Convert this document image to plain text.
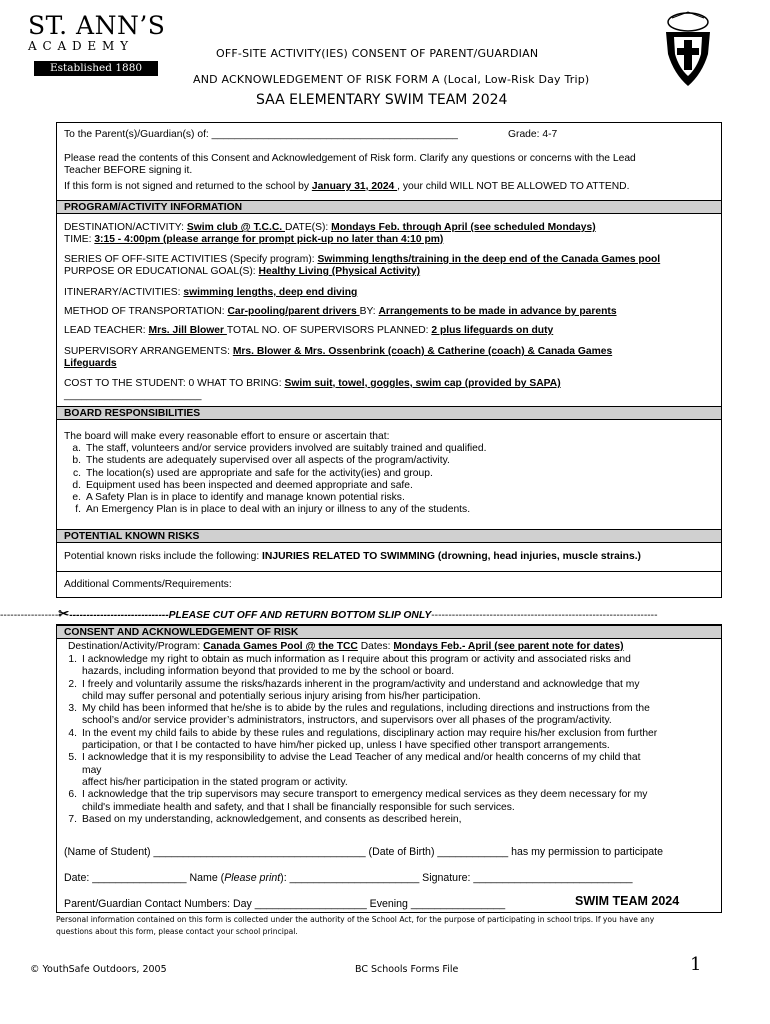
ST. ANN’S
A C A D E M Y
Established 1880
OFF-SITE ACTIVITY(IES) CONSENT OF PARENT/GUARDIAN
AND ACKNOWLEDGEMENT OF RISK FORM A (Local, Low-Risk Day Trip)
SAA ELEMENTARY SWIM TEAM 2024
To the Parent(s)/Guardian(s) of: ___________________________________________	Grade: 4-7
Please read the contents of this Consent and Acknowledgement of Risk form. Clarify any questions or concerns with the Lead
Teacher BEFORE signing it.
If this form is not signed and returned to the school by January 31, 2024 , your child WILL NOT BE ALLOWED TO ATTEND.
PROGRAM/ACTIVITY INFORMATION
DESTINATION/ACTIVITY: Swim club @ T.C.C. DATE(S): Mondays Feb. through April (see scheduled Mondays)
TIME: 3:15 - 4:00pm (please arrange for prompt pick-up no later than 4:10 pm)
SERIES OF OFF-SITE ACTIVITIES (Specify program): Swimming lengths/training in the deep end of the Canada Games pool
PURPOSE OR EDUCATIONAL GOAL(S): Healthy Living (Physical Activity)
ITINERARY/ACTIVITIES: swimming lengths, deep end diving
METHOD OF TRANSPORTATION: Car-pooling/parent drivers BY: Arrangements to be made in advance by parents
LEAD TEACHER: Mrs. Jill Blower TOTAL NO. OF SUPERVISORS PLANNED: 2 plus lifeguards on duty
SUPERVISORY ARRANGEMENTS: Mrs. Blower & Mrs. Ossenbrink (coach) & Catherine (coach) & Canada Games
Lifeguards
COST TO THE STUDENT: 0 WHAT TO BRING: Swim suit, towel, goggles, swim cap (provided by SAPA)
________________________
BOARD RESPONSIBILITIES
The board will make every reasonable effort to ensure or ascertain that:
a. The staff, volunteers and/or service providers involved are suitably trained and qualified.
b. The students are adequately supervised over all aspects of the program/activity.
c. The location(s) used are appropriate and safe for the activity(ies) and group.
d. Equipment used has been inspected and deemed appropriate and safe.
e. A Safety Plan is in place to identify and manage known potential risks.
f. An Emergency Plan is in place to deal with an injury or illness to any of the students.
POTENTIAL KNOWN RISKS
Potential known risks include the following: INJURIES RELATED TO SWIMMING (drowning, head injuries, muscle strains.)
Additional Comments/Requirements:
-----------------✂-----------------------------PLEASE CUT OFF AND RETURN BOTTOM SLIP ONLY------------------------------------------------------------------
CONSENT AND ACKNOWLEDGEMENT OF RISK
Destination/Activity/Program: Canada Games Pool @ the TCC Dates: Mondays Feb.- April (see parent note for dates)
1. I acknowledge my right to obtain as much information as I require about this program or activity and associated risks and
hazards, including information beyond that provided to me by the school or board.
2. I freely and voluntarily assume the risks/hazards inherent in the program/activity and understand and acknowledge that my
child may suffer personal and potentially serious injury arising from his/her participation.
3. My child has been informed that he/she is to abide by the rules and regulations, including directions and instructions from the
school’s and/or service provider’s administrators, instructors, and supervisors over all phases of the program/activity.
4. In the event my child fails to abide by these rules and regulations, disciplinary action may require his/her exclusion from further
participation, or that I be contacted to have him/her picked up, unless I have specified other transport arrangements.
5. I acknowledge that it is my responsibility to advise the Lead Teacher of any medical and/or health concerns of my child that
may
affect his/her participation in the stated program or activity.
6. I acknowledge that the trip supervisors may secure transport to emergency medical services as they deem necessary for my
child's immediate health and safety, and that I shall be financially responsible for such services.
7. Based on my understanding, acknowledgement, and consents as described herein,
(Name of Student) ____________________________________ (Date of Birth) ____________ has my permission to participate
Date: ________________ Name (Please print): ______________________ Signature: ___________________________
Parent/Guardian Contact Numbers: Day ___________________ Evening ________________	SWIM TEAM 2024
Personal information contained on this form is collected under the authority of the School Act, for the purpose of participating in school trips. If you have any
questions about this form, please contact your school principal.
© YouthSafe Outdoors, 2005	BC Schools Forms File	1
